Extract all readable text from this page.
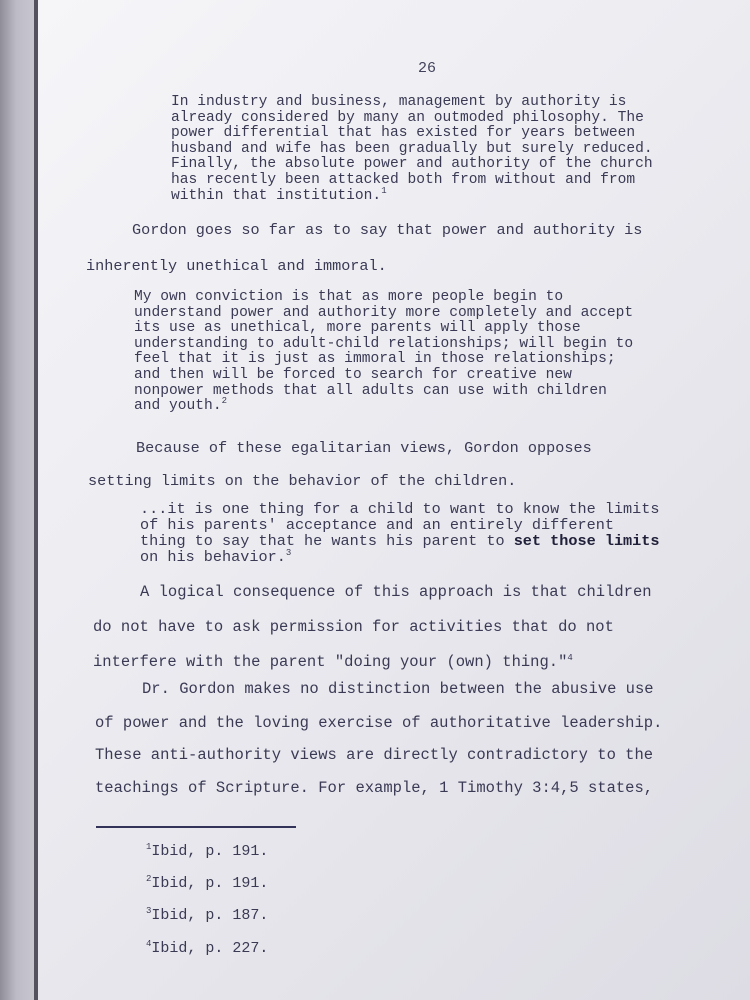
26
In industry and business, management by authority is
already considered by many an outmoded philosophy. The
power differential that has existed for years between
husband and wife has been gradually but surely reduced.
Finally, the absolute power and authority of the church
has recently been attacked both from without and from
within that institution.$^1$
Gordon goes so far as to say that power and authority is
inherently unethical and immoral.
My own conviction is that as more people begin to
understand power and authority more completely and accept
its use as unethical, more parents will apply those
understanding to adult-child relationships; will begin to
feel that it is just as immoral in those relationships;
and then will be forced to search for creative new
nonpower methods that all adults can use with children
and youth.$^2$
Because of these egalitarian views, Gordon opposes
setting limits on the behavior of the children.
...it is one thing for a child to want to know the limits
of his parents' acceptance and an entirely different
thing to say that he wants his parent to set those limits
on his behavior.$^3$
A logical consequence of this approach is that children
do not have to ask permission for activities that do not
interfere with the parent "doing your (own) thing."$^4$
Dr. Gordon makes no distinction between the abusive use
of power and the loving exercise of authoritative leadership.
These anti-authority views are directly contradictory to the
teachings of Scripture. For example, 1 Timothy 3:4,5 states,
$^1$Ibid, p. 191.
$^2$Ibid, p. 191.
$^3$Ibid, p. 187.
$^4$Ibid, p. 227.
